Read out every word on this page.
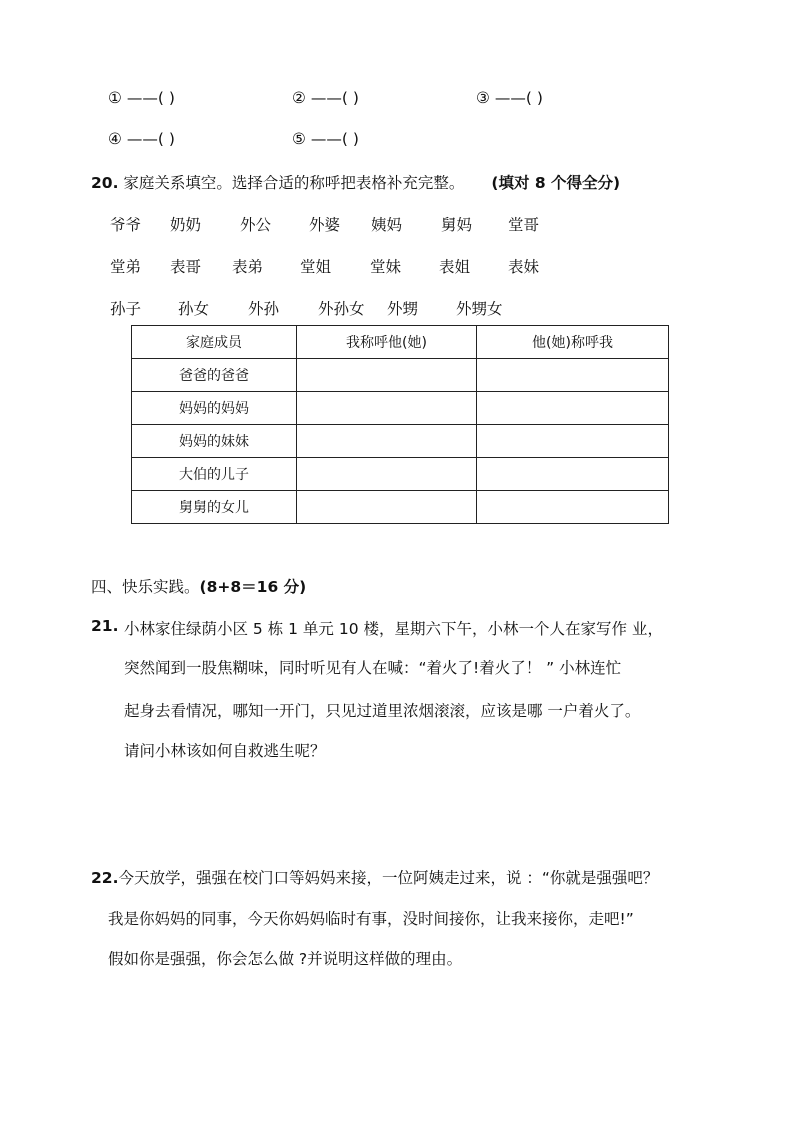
① ——( )	② ——( )	③ ——( )
④ ——( )	⑤ ——( )
20. 家庭关系填空。选择合适的称呼把表格补充完整。 (填对 8 个得全分)
爷爷 奶奶	外公 外婆 姨妈	舅妈 堂哥
堂弟 表哥 表弟 堂姐	堂妹 表姐 表妹
孙子 孙女	外孙	外孙女 外甥 外甥女
家庭成员	我称呼他(她)	他(她)称呼我
爸爸的爸爸		
妈妈的妈妈		
妈妈的妹妹		
大伯的儿子		
舅舅的女儿		
四、快乐实践。(8+8＝16 分)
21. 小林家住绿荫小区 5 栋 1 单元 10 楼，星期六下午，小林一个人在家写作 业，
突然闻到一股焦糊味，同时听见有人在喊：“着火了!着火了！ ” 小林连忙
起身去看情况，哪知一开门，只见过道里浓烟滚滚，应该是哪 一户着火了。
请问小林该如何自救逃生呢？
22.今天放学，强强在校门口等妈妈来接，一位阿姨走过来，说 ：“你就是强强吧？
我是你妈妈的同事，今天你妈妈临时有事，没时间接你，让我来接你，走吧!”
假如你是强强，你会怎么做 ?并说明这样做的理由。
